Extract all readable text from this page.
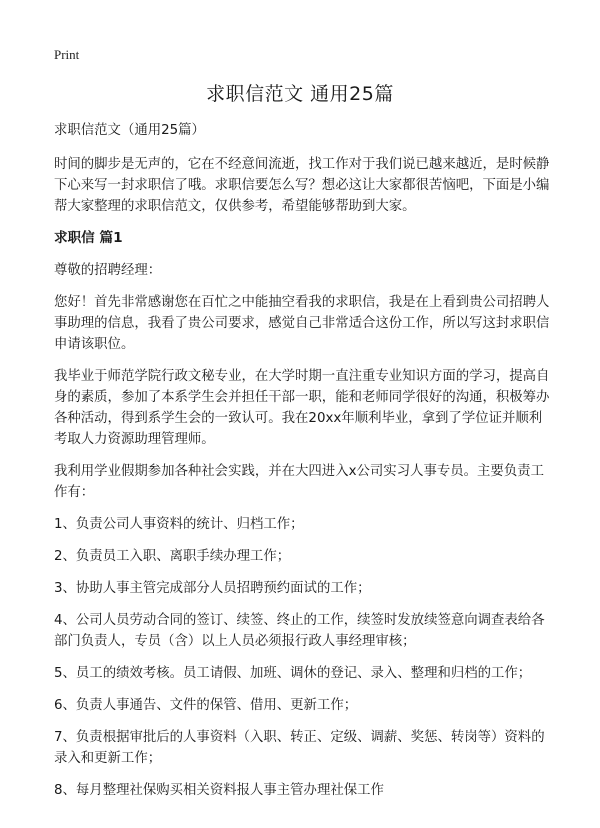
Print
求职信范文 通用25篇

求职信范文（通用25篇）

时间的脚步是无声的，它在不经意间流逝，找工作对于我们说已越来越近，是时候静下心来写一封求职信了哦。求职信要怎么写？想必这让大家都很苦恼吧，下面是小编帮大家整理的求职信范文，仅供参考，希望能够帮助到大家。

求职信 篇1

尊敬的招聘经理：

您好！首先非常感谢您在百忙之中能抽空看我的求职信，我是在上看到贵公司招聘人事助理的信息，我看了贵公司要求，感觉自己非常适合这份工作，所以写这封求职信申请该职位。

我毕业于师范学院行政文秘专业，在大学时期一直注重专业知识方面的学习，提高自身的素质，参加了本系学生会并担任干部一职，能和老师同学很好的沟通，积极筹办各种活动，得到系学生会的一致认可。我在20xx年顺利毕业，拿到了学位证并顺利考取人力资源助理管理师。

我利用学业假期参加各种社会实践，并在大四进入x公司实习人事专员。主要负责工作有：

1、负责公司人事资料的统计、归档工作；

2、负责员工入职、离职手续办理工作；

3、协助人事主管完成部分人员招聘预约面试的工作；

4、公司人员劳动合同的签订、续签、终止的工作，续签时发放续签意向调查表给各部门负责人，专员（含）以上人员必须报行政人事经理审核；

5、员工的绩效考核。员工请假、加班、调休的登记、录入、整理和归档的工作；

6、负责人事通告、文件的保管、借用、更新工作；

7、负责根据审批后的人事资料（入职、转正、定级、调薪、奖惩、转岗等）资料的录入和更新工作；

8、每月整理社保购买相关资料报人事主管办理社保工作
